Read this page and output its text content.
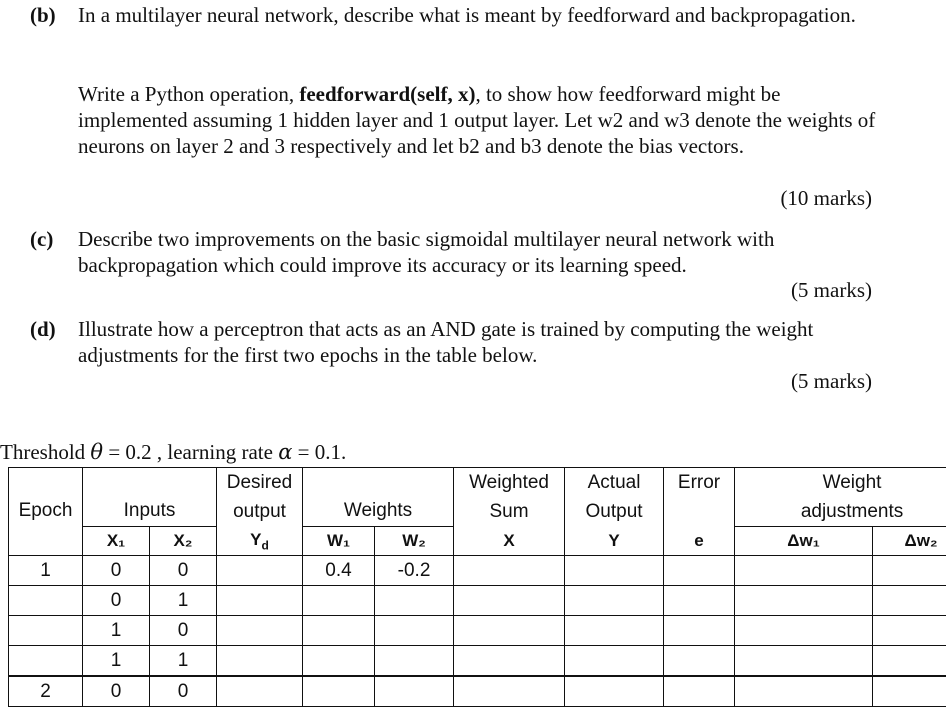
(b) In a multilayer neural network, describe what is meant by feedforward and backpropagation.
Write a Python operation, feedforward(self, x), to show how feedforward might be implemented assuming 1 hidden layer and 1 output layer. Let w2 and w3 denote the weights of neurons on layer 2 and 3 respectively and let b2 and b3 denote the bias vectors.
(10 marks)
(c) Describe two improvements on the basic sigmoidal multilayer neural network with backpropagation which could improve its accuracy or its learning speed.
(5 marks)
(d) Illustrate how a perceptron that acts as an AND gate is trained by computing the weight adjustments for the first two epochs in the table below.
(5 marks)
Threshold θ = 0.2 , learning rate α = 0.1.
Epoch	Inputs		Desired	Weights		Weighted	Actual	Error	Weight	
			output			Sum	Output		adjustments	
	X₁	X₂	$Y_d$	W₁	W₂	X	Y	e	Δw₁	Δw₂
1	0	0		0.4	-0.2					
	0	1								
	1	0								
	1	1								
2	0	0								
